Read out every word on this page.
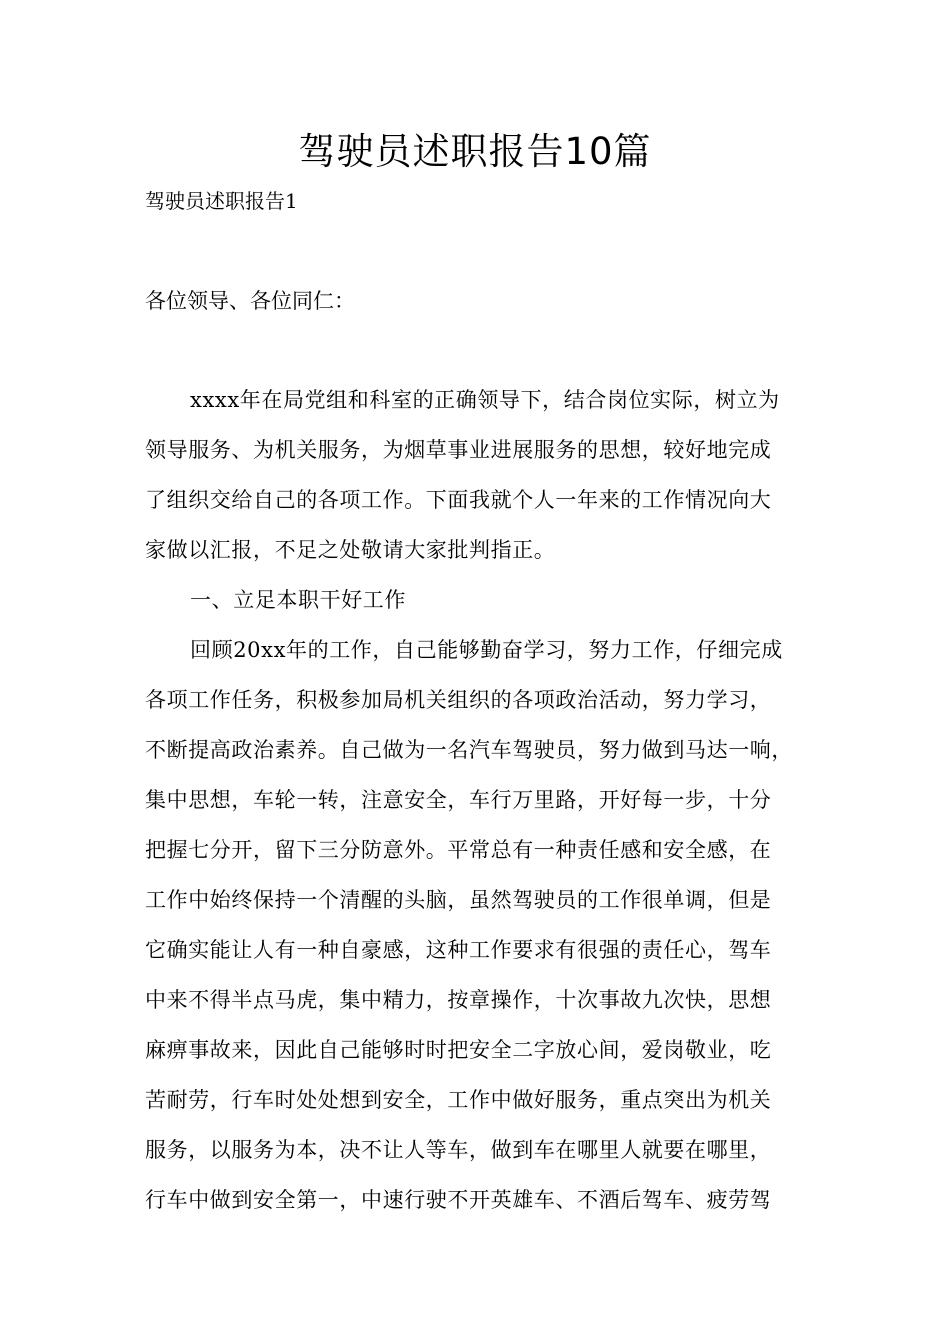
驾驶员述职报告10篇
驾驶员述职报告1
各位领导、各位同仁：
xxxx年在局党组和科室的正确领导下，结合岗位实际，树立为
领导服务、为机关服务，为烟草事业进展服务的思想，较好地完成
了组织交给自己的各项工作。下面我就个人一年来的工作情况向大
家做以汇报，不足之处敬请大家批判指正。
一、立足本职干好工作
回顾20xx年的工作，自己能够勤奋学习，努力工作，仔细完成
各项工作任务，积极参加局机关组织的各项政治活动，努力学习，
不断提高政治素养。自己做为一名汽车驾驶员，努力做到马达一响，
集中思想，车轮一转，注意安全，车行万里路，开好每一步，十分
把握七分开，留下三分防意外。平常总有一种责任感和安全感，在
工作中始终保持一个清醒的头脑，虽然驾驶员的工作很单调，但是
它确实能让人有一种自豪感，这种工作要求有很强的责任心，驾车
中来不得半点马虎，集中精力，按章操作，十次事故九次快，思想
麻痹事故来，因此自己能够时时把安全二字放心间，爱岗敬业，吃
苦耐劳，行车时处处想到安全，工作中做好服务，重点突出为机关
服务，以服务为本，决不让人等车，做到车在哪里人就要在哪里，
行车中做到安全第一，中速行驶不开英雄车、不酒后驾车、疲劳驾
